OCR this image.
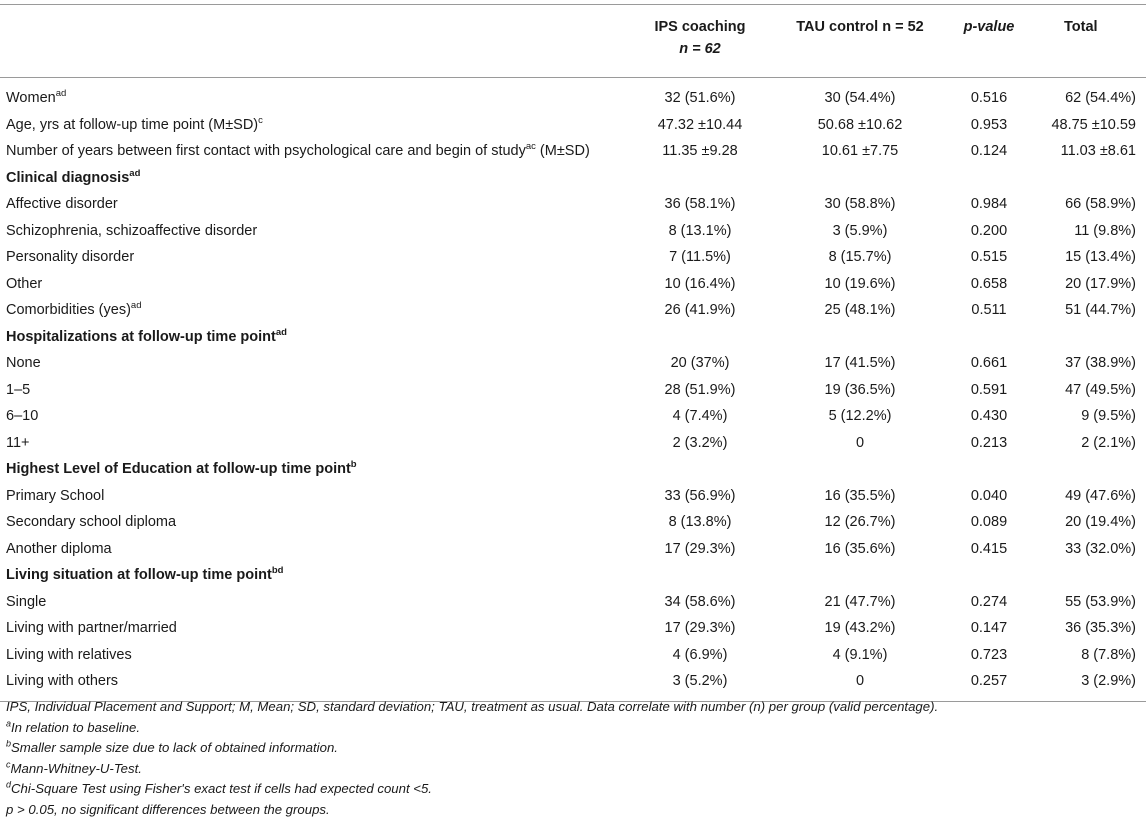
	IPS coaching
n = 62	TAU control n = 52	p-value	Total
Women$^{ad}$	32 (51.6%)	30 (54.4%)	0.516	62 (54.4%)
Age, yrs at follow-up time point $(M\pm SD)^c$	47.32 ±10.44	50.68 ±10.62	0.953	48.75 ±10.59
Number of years between first contact with psychological care and begin of study$^{ac}$ (M±SD)	11.35 ±9.28	10.61 ±7.75	0.124	11.03 ±8.61
Clinical diagnosis$^{ad}$				
Affective disorder	36 (58.1%)	30 (58.8%)	0.984	66 (58.9%)
Schizophrenia, schizoaffective disorder	8 (13.1%)	3 (5.9%)	0.200	11 (9.8%)
Personality disorder	7 (11.5%)	8 (15.7%)	0.515	15 (13.4%)
Other	10 (16.4%)	10 (19.6%)	0.658	20 (17.9%)
Comorbidities (yes)$^{ad}$	26 (41.9%)	25 (48.1%)	0.511	51 (44.7%)
Hospitalizations at follow-up time point$^{ad}$				
None	20 (37%)	17 (41.5%)	0.661	37 (38.9%)
1–5	28 (51.9%)	19 (36.5%)	0.591	47 (49.5%)
6–10	4 (7.4%)	5 (12.2%)	0.430	9 (9.5%)
11+	2 (3.2%)	0	0.213	2 (2.1%)
Highest Level of Education at follow-up time point$^b$				
Primary School	33 (56.9%)	16 (35.5%)	0.040	49 (47.6%)
Secondary school diploma	8 (13.8%)	12 (26.7%)	0.089	20 (19.4%)
Another diploma	17 (29.3%)	16 (35.6%)	0.415	33 (32.0%)
Living situation at follow-up time point$^{bd}$				
Single	34 (58.6%)	21 (47.7%)	0.274	55 (53.9%)
Living with partner/married	17 (29.3%)	19 (43.2%)	0.147	36 (35.3%)
Living with relatives	4 (6.9%)	4 (9.1%)	0.723	8 (7.8%)
Living with others	3 (5.2%)	0	0.257	3 (2.9%)
IPS, Individual Placement and Support; M, Mean; SD, standard deviation; TAU, treatment as usual. Data correlate with number (n) per group (valid percentage).
$^a$In relation to baseline.
$^b$Smaller sample size due to lack of obtained information.
$^c$Mann-Whitney-U-Test.
$^d$Chi-Square Test using Fisher's exact test if cells had expected count <5.
p > 0.05, no significant differences between the groups.
